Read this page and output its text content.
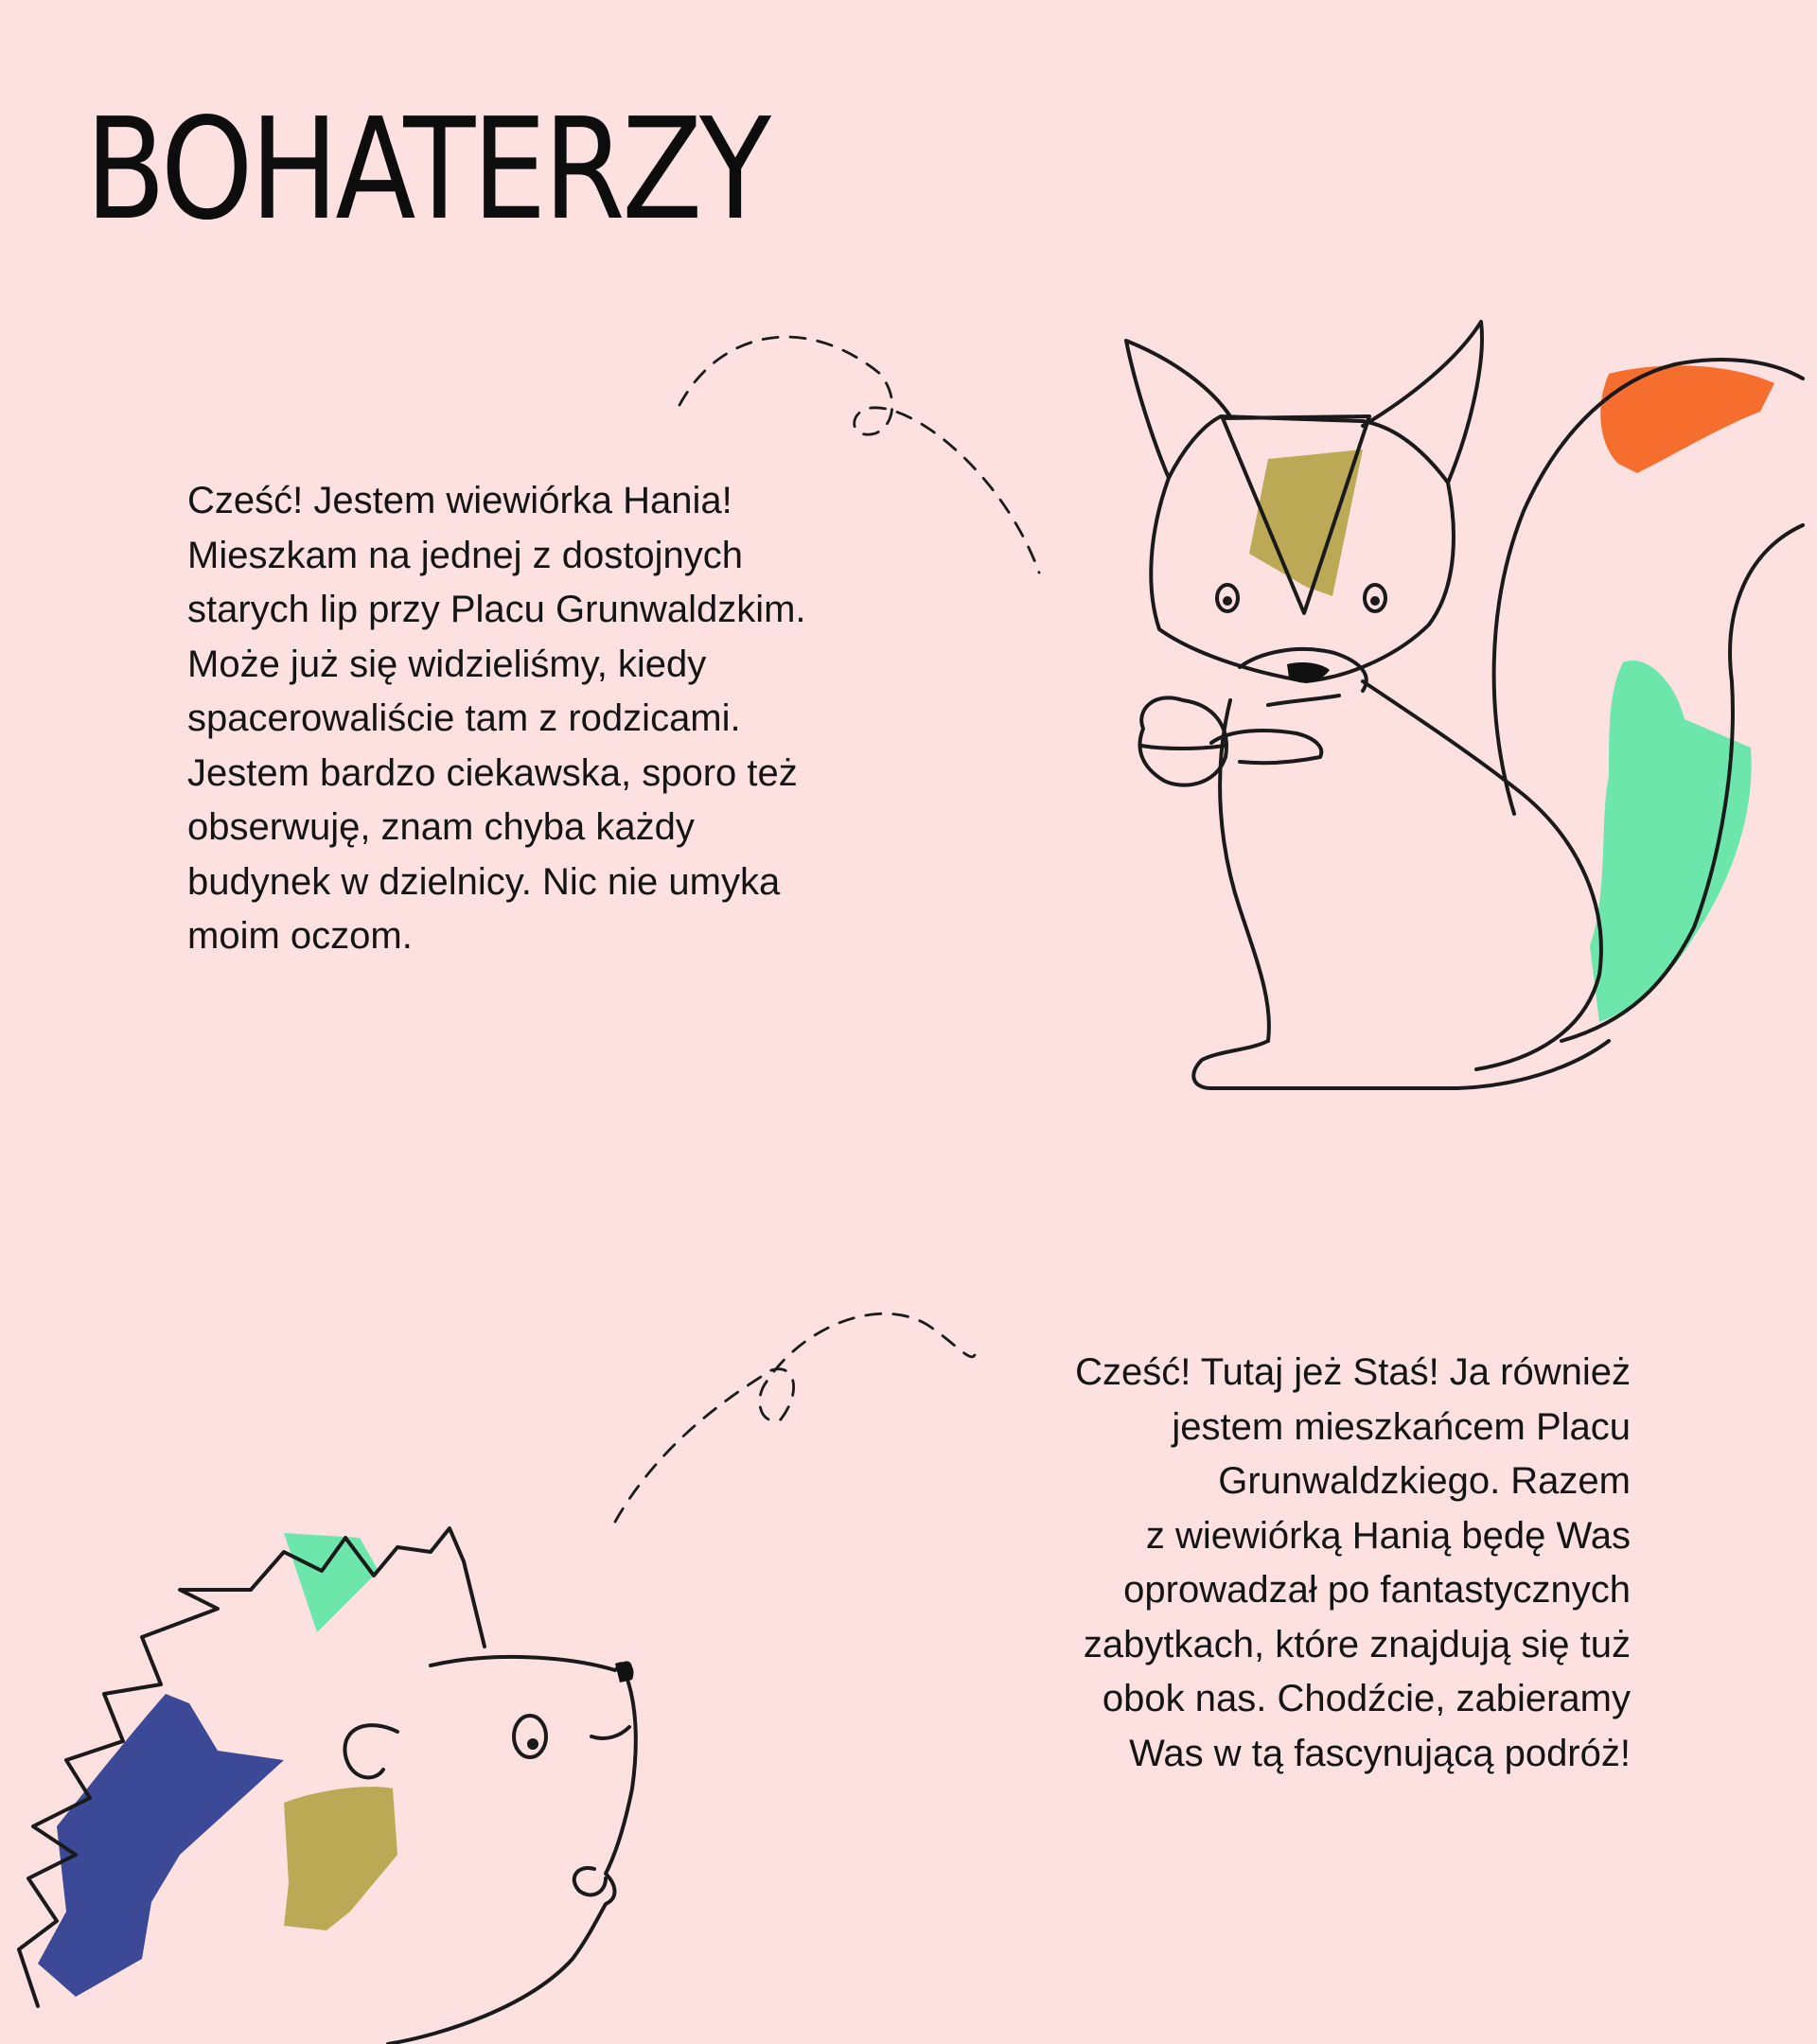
BOHATERZY

Cześć! Jestem wiewiórka Hania!
Mieszkam na jednej z dostojnych
starych lip przy Placu Grunwaldzkim.
Może już się widzieliśmy, kiedy
spacerowaliście tam z rodzicami.
Jestem bardzo ciekawska, sporo też
obserwuję, znam chyba każdy
budynek w dzielnicy. Nic nie umyka
moim oczom.

Cześć! Tutaj jeż Staś! Ja również
jestem mieszkańcem Placu
Grunwaldzkiego. Razem
z wiewiórką Hanią będę Was
oprowadzał po fantastycznych
zabytkach, które znajdują się tuż
obok nas. Chodźcie, zabieramy
Was w tą fascynującą podróż!
